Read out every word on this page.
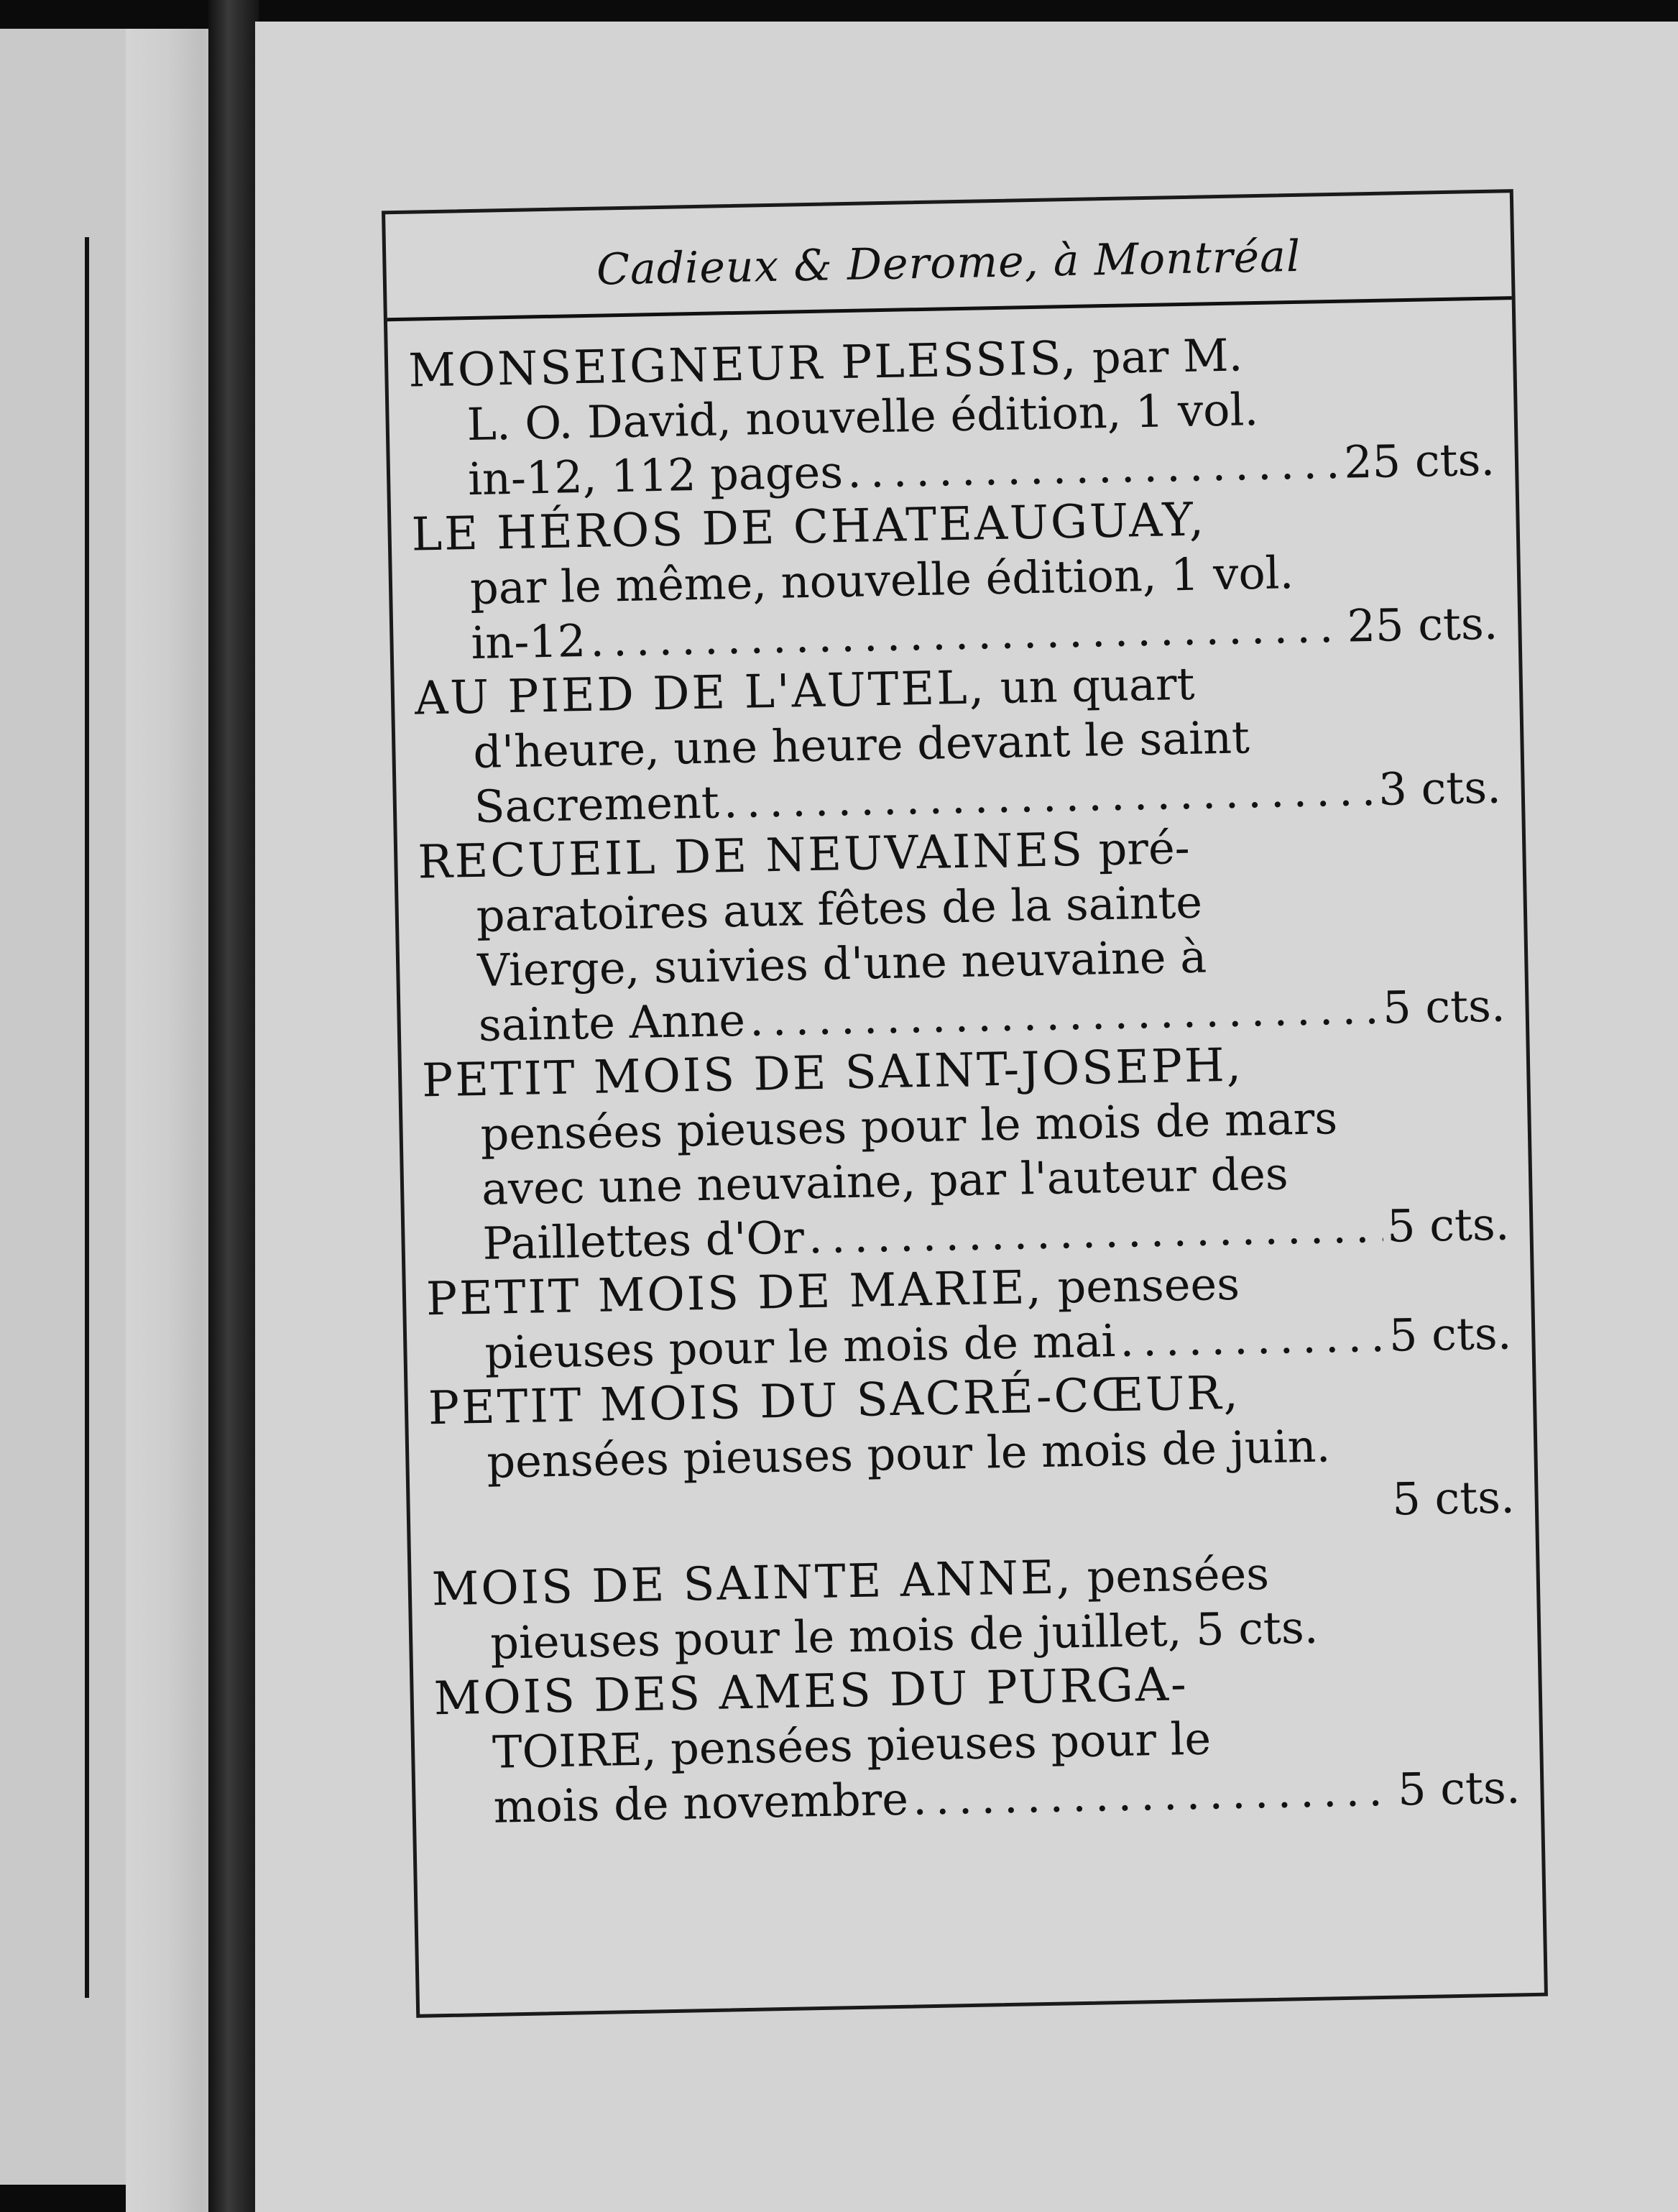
Cadieux & Derome, à Montréal
MONSEIGNEUR PLESSIS, par M.
L. O. David, nouvelle édition, 1 vol.
in-12, 112 pages .....	25 cts.
LE HÉROS DE CHATEAUGUAY,
par le même, nouvelle édition, 1 vol.
in-12 .....	25 cts.
AU PIED DE L'AUTEL, un quart
d'heure, une heure devant le saint
Sacrement .....	3 cts.
RECUEIL DE NEUVAINES pré-
paratoires aux fêtes de la sainte
Vierge, suivies d'une neuvaine à
sainte Anne .....	5 cts.
PETIT MOIS DE SAINT-JOSEPH,
pensées pieuses pour le mois de mars
avec une neuvaine, par l'auteur des
Paillettes d'Or .....	5 cts.
PETIT MOIS DE MARIE, pensees
pieuses pour le mois de mai .....	5 cts.
PETIT MOIS DU SACRÉ-CŒUR,
pensées pieuses pour le mois de juin.
5 cts.
MOIS DE SAINTE ANNE, pensées
pieuses pour le mois de juillet, 5 cts.
MOIS DES AMES DU PURGA-
TOIRE, pensées pieuses pour le
mois de novembre .....	5 cts.
